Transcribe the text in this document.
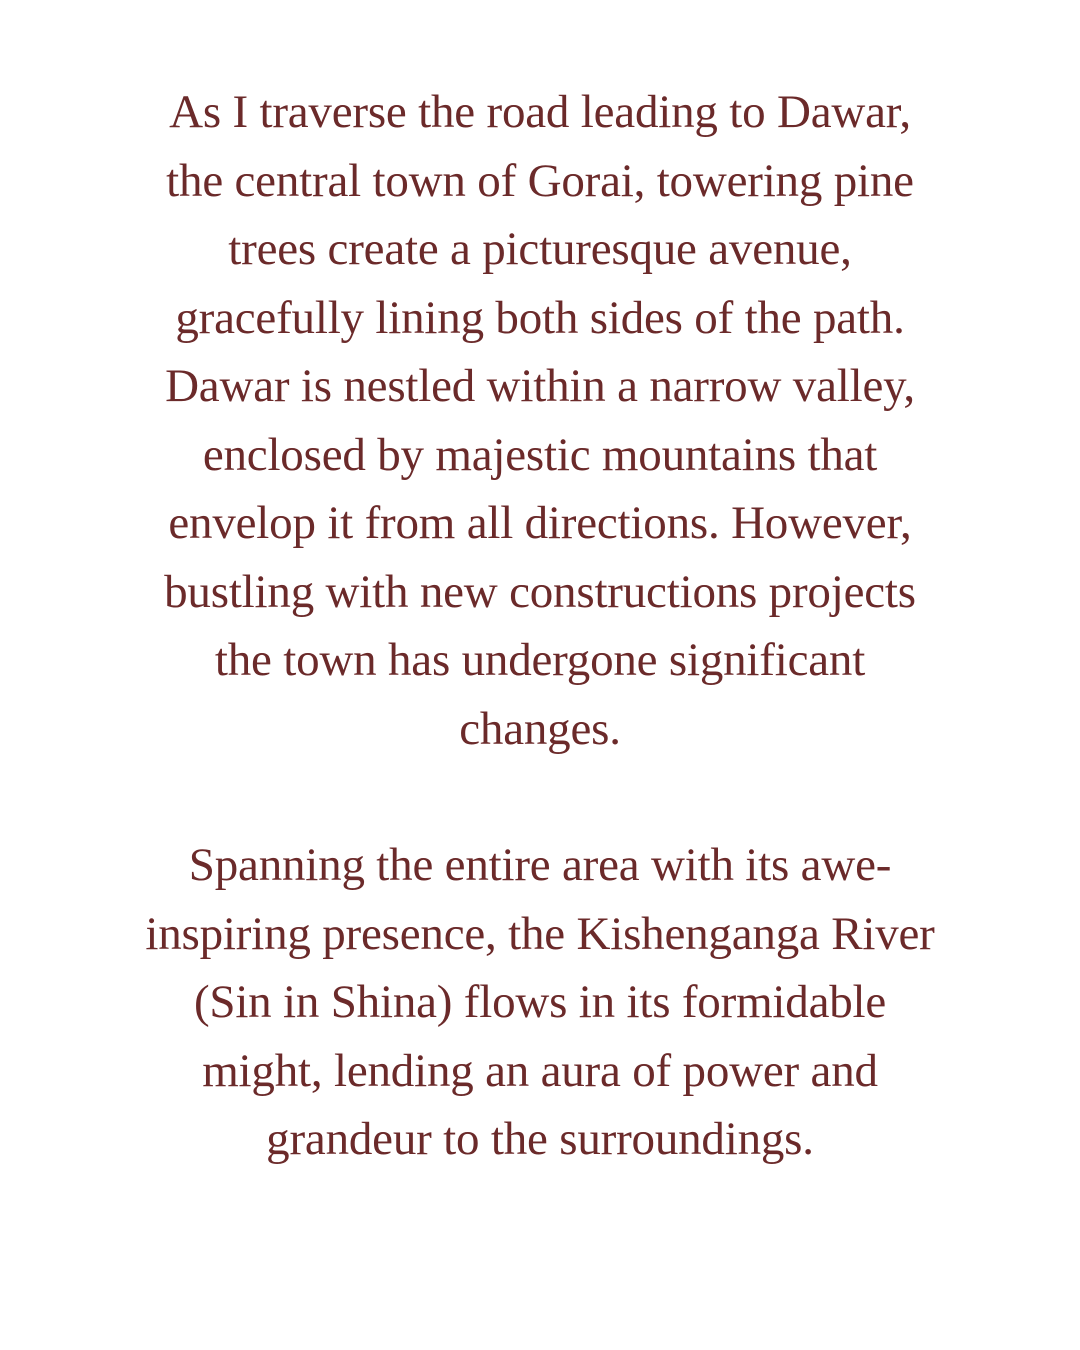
As I traverse the road leading to Dawar,
the central town of Gorai, towering pine
trees create a picturesque avenue,
gracefully lining both sides of the path.
Dawar is nestled within a narrow valley,
enclosed by majestic mountains that
envelop it from all directions. However,
bustling with new constructions projects
the town has undergone significant
changes.

Spanning the entire area with its awe-
inspiring presence, the Kishenganga River
(Sin in Shina) flows in its formidable
might, lending an aura of power and
grandeur to the surroundings.
